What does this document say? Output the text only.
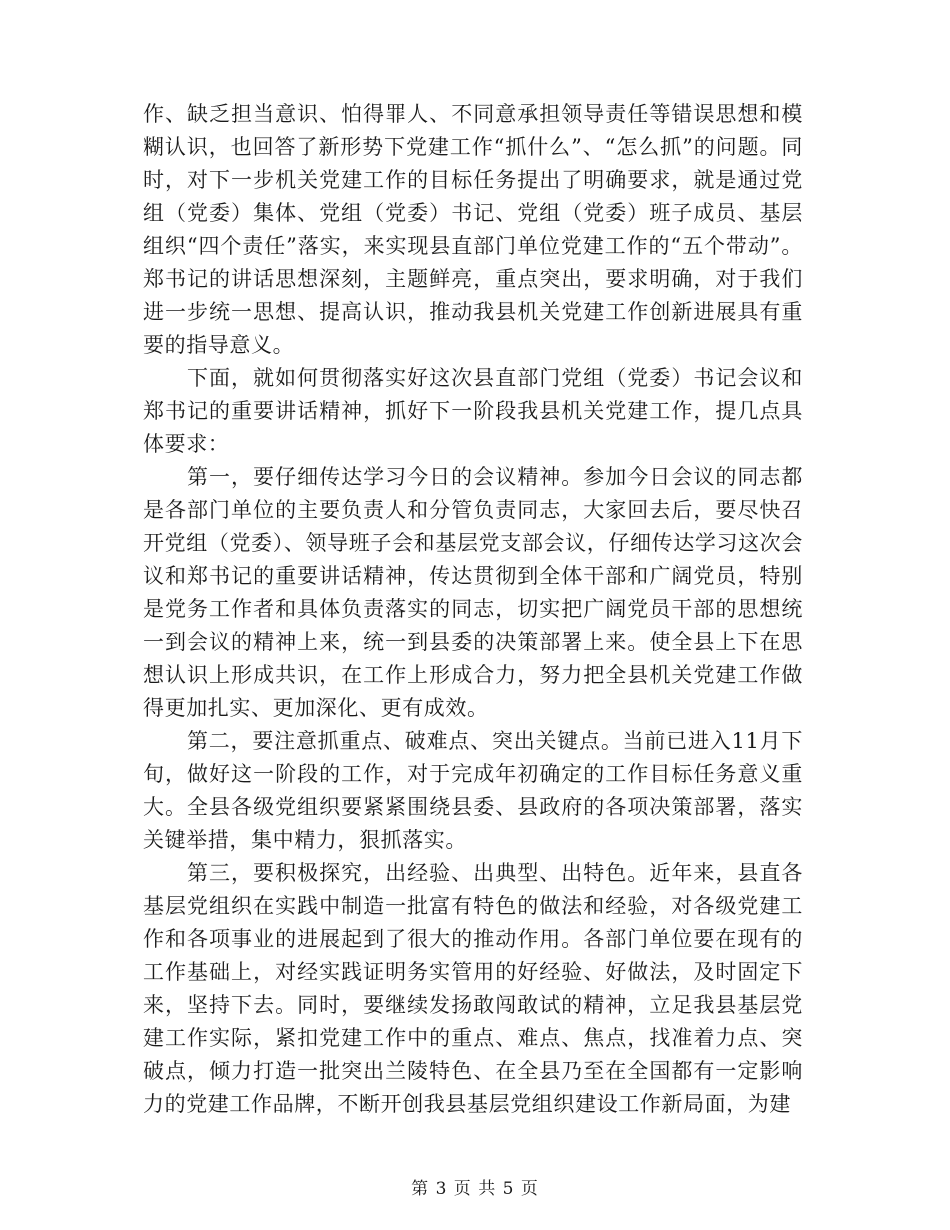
作、缺乏担当意识、怕得罪人、不同意承担领导责任等错误思想和模糊认识，也回答了新形势下党建工作“抓什么”、“怎么抓”的问题。同时，对下一步机关党建工作的目标任务提出了明确要求，就是通过党组（党委）集体、党组（党委）书记、党组（党委）班子成员、基层组织“四个责任”落实，来实现县直部门单位党建工作的“五个带动”。郑书记的讲话思想深刻，主题鲜亮，重点突出，要求明确，对于我们进一步统一思想、提高认识，推动我县机关党建工作创新进展具有重要的指导意义。

下面，就如何贯彻落实好这次县直部门党组（党委）书记会议和郑书记的重要讲话精神，抓好下一阶段我县机关党建工作，提几点具体要求：

第一，要仔细传达学习今日的会议精神。参加今日会议的同志都是各部门单位的主要负责人和分管负责同志，大家回去后，要尽快召开党组（党委）、领导班子会和基层党支部会议，仔细传达学习这次会议和郑书记的重要讲话精神，传达贯彻到全体干部和广阔党员，特别是党务工作者和具体负责落实的同志，切实把广阔党员干部的思想统一到会议的精神上来，统一到县委的决策部署上来。使全县上下在思想认识上形成共识，在工作上形成合力，努力把全县机关党建工作做得更加扎实、更加深化、更有成效。

第二，要注意抓重点、破难点、突出关键点。当前已进入11月下旬，做好这一阶段的工作，对于完成年初确定的工作目标任务意义重大。全县各级党组织要紧紧围绕县委、县政府的各项决策部署，落实关键举措，集中精力，狠抓落实。

第三，要积极探究，出经验、出典型、出特色。近年来，县直各基层党组织在实践中制造一批富有特色的做法和经验，对各级党建工作和各项事业的进展起到了很大的推动作用。各部门单位要在现有的工作基础上，对经实践证明务实管用的好经验、好做法，及时固定下来，坚持下去。同时，要继续发扬敢闯敢试的精神，立足我县基层党建工作实际，紧扣党建工作中的重点、难点、焦点，找准着力点、突破点，倾力打造一批突出兰陵特色、在全县乃至在全国都有一定影响力的党建工作品牌，不断开创我县基层党组织建设工作新局面，为建

第 3 页 共 5 页
